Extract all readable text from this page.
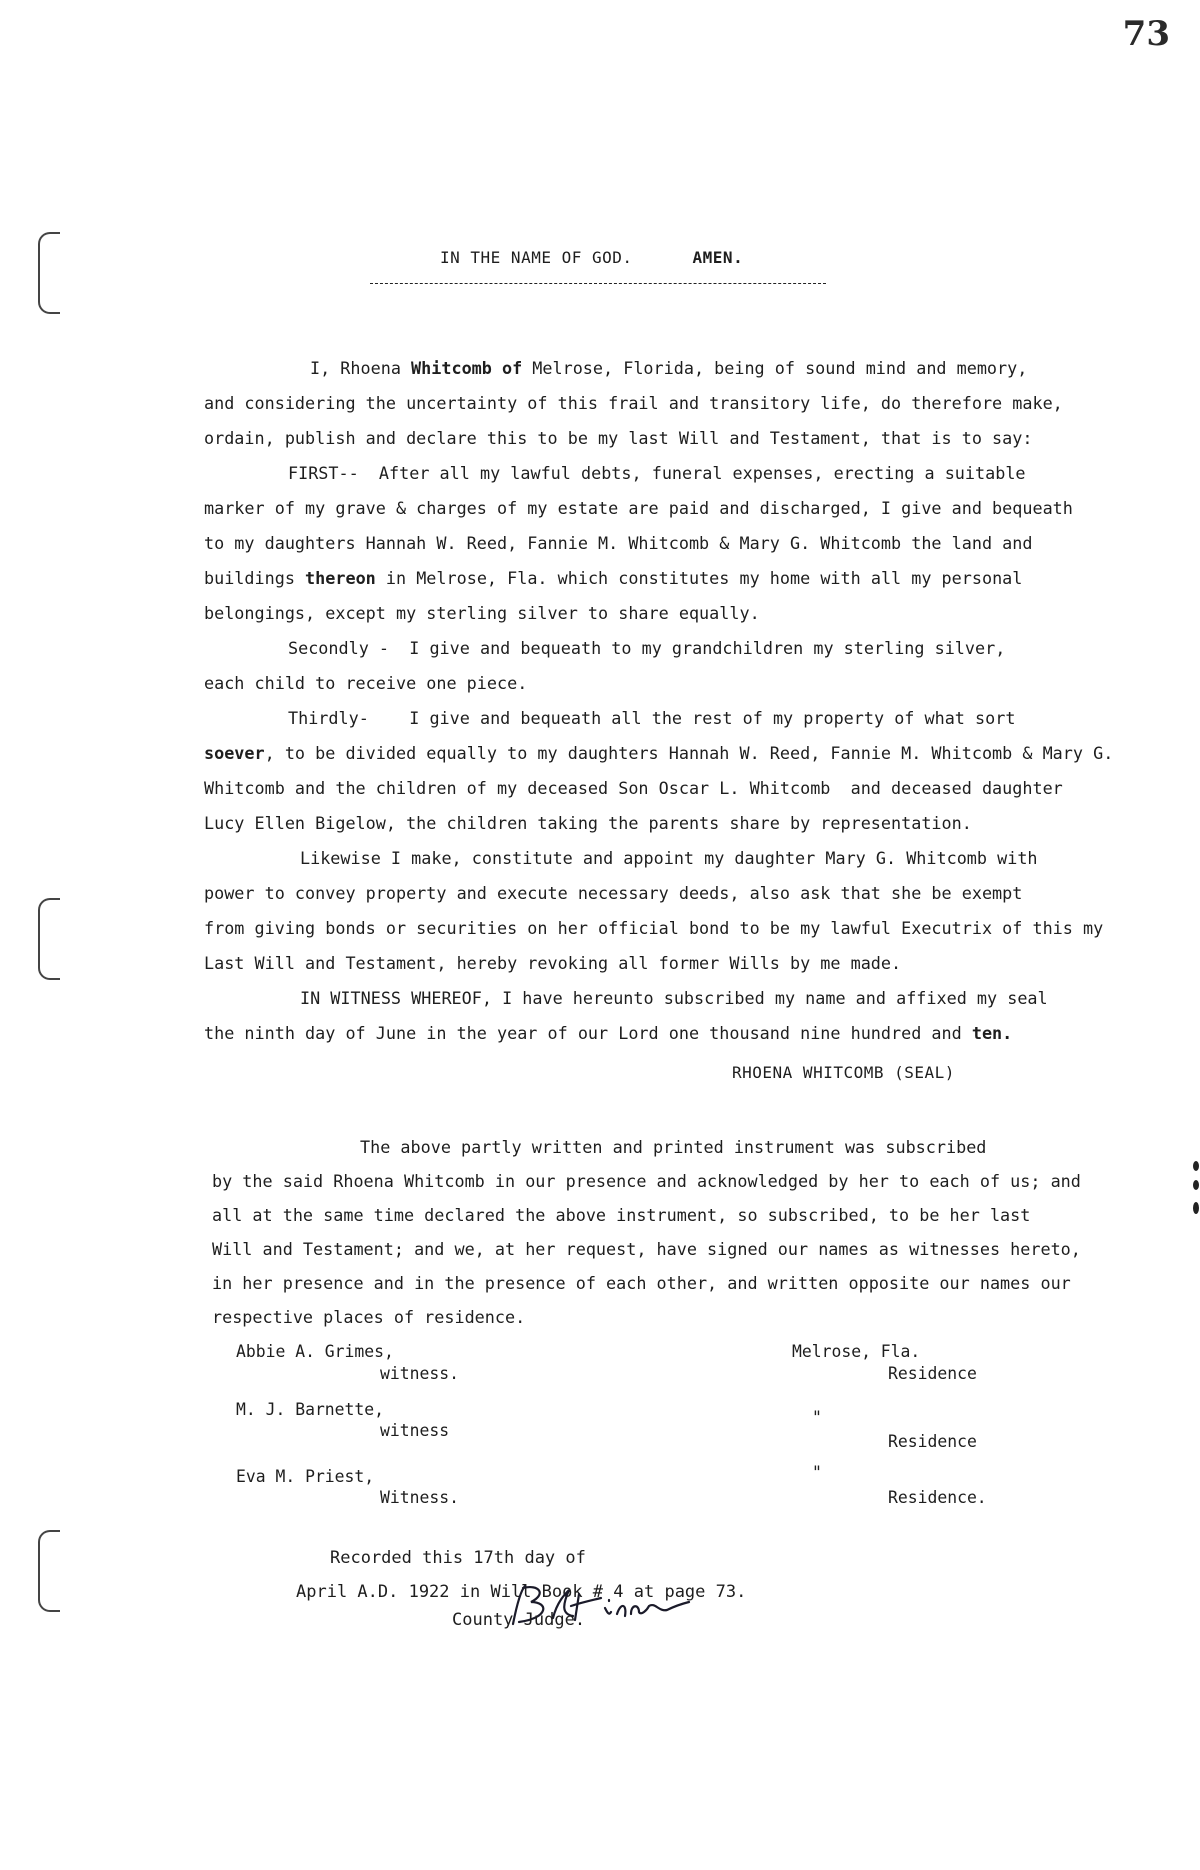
73
IN THE NAME OF GOD.	AMEN.
I, Rhoena Whitcomb of Melrose, Florida, being of sound mind and memory,
and considering the uncertainty of this frail and transitory life, do therefore make,
ordain, publish and declare this to be my last Will and Testament, that is to say:
FIRST--  After all my lawful debts, funeral expenses, erecting a suitable
marker of my grave & charges of my estate are paid and discharged, I give and bequeath
to my daughters Hannah W. Reed, Fannie M. Whitcomb & Mary G. Whitcomb the land and
buildings thereon in Melrose, Fla. which constitutes my home with all my personal
belongings, except my sterling silver to share equally.
Secondly -  I give and bequeath to my grandchildren my sterling silver,
each child to receive one piece.
Thirdly-    I give and bequeath all the rest of my property of what sort
soever, to be divided equally to my daughters Hannah W. Reed, Fannie M. Whitcomb & Mary G.
Whitcomb and the children of my deceased Son Oscar L. Whitcomb  and deceased daughter
Lucy Ellen Bigelow, the children taking the parents share by representation.
Likewise I make, constitute and appoint my daughter Mary G. Whitcomb with
power to convey property and execute necessary deeds, also ask that she be exempt
from giving bonds or securities on her official bond to be my lawful Executrix of this my
Last Will and Testament, hereby revoking all former Wills by me made.
IN WITNESS WHEREOF, I have hereunto subscribed my name and affixed my seal
the ninth day of June in the year of our Lord one thousand nine hundred and ten.
RHOENA WHITCOMB (SEAL)
The above partly written and printed instrument was subscribed
by the said Rhoena Whitcomb in our presence and acknowledged by her to each of us; and
all at the same time declared the above instrument, so subscribed, to be her last
Will and Testament; and we, at her request, have signed our names as witnesses hereto,
in her presence and in the presence of each other, and written opposite our names our
respective places of residence.
Abbie A. Grimes,
witness.
Melrose, Fla.
Residence
M. J. Barnette,
witness
"
Residence
Eva M. Priest,
Witness.
"
Residence.
Recorded this 17th day of
April A.D. 1922 in Will Book # 4 at page 73.
County Judge.
